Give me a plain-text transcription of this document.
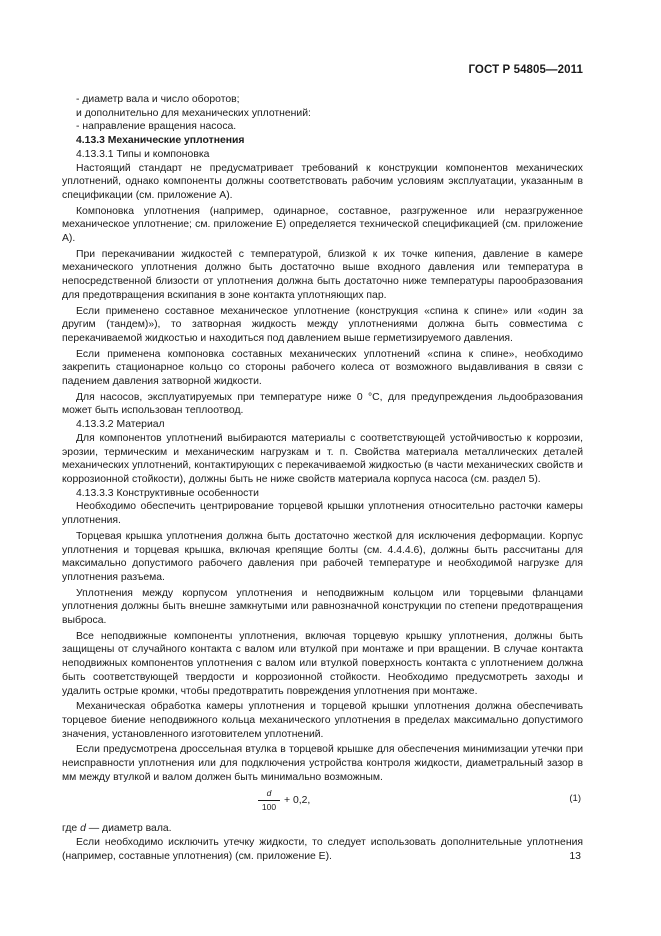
ГОСТ Р 54805—2011

- диаметр вала и число оборотов;

и дополнительно для механических уплотнений:

- направление вращения насоса.

4.13.3 Механические уплотнения

4.13.3.1 Типы и компоновка

Настоящий стандарт не предусматривает требований к конструкции компонентов механических уплотнений, однако компоненты должны соответствовать рабочим условиям эксплуатации, указанным в спецификации (см. приложение А).

Компоновка уплотнения (например, одинарное, составное, разгруженное или неразгруженное механическое уплотнение; см. приложение Е) определяется технической спецификацией (см. приложение А).

При перекачивании жидкостей с температурой, близкой к их точке кипения, давление в камере механического уплотнения должно быть достаточно выше входного давления или температура в непосредственной близости от уплотнения должна быть достаточно ниже температуры парообразования для предотвращения вскипания в зоне контакта уплотняющих пар.

Если применено составное механическое уплотнение (конструкция «спина к спине» или «один за другим (тандем)»), то затворная жидкость между уплотнениями должна быть совместима с перекачиваемой жидкостью и находиться под давлением выше герметизируемого давления.

Если применена компоновка составных механических уплотнений «спина к спине», необходимо закрепить стационарное кольцо со стороны рабочего колеса от возможного выдавливания в связи с падением давления затворной жидкости.

Для насосов, эксплуатируемых при температуре ниже 0 °С, для предупреждения льдообразования может быть использован теплоотвод.

4.13.3.2 Материал

Для компонентов уплотнений выбираются материалы с соответствующей устойчивостью к коррозии, эрозии, термическим и механическим нагрузкам и т. п. Свойства материала металлических деталей механических уплотнений, контактирующих с перекачиваемой жидкостью (в части механических свойств и коррозионной стойкости), должны быть не ниже свойств материала корпуса насоса (см. раздел 5).

4.13.3.3 Конструктивные особенности

Необходимо обеспечить центрирование торцевой крышки уплотнения относительно расточки камеры уплотнения.

Торцевая крышка уплотнения должна быть достаточно жесткой для исключения деформации. Корпус уплотнения и торцевая крышка, включая крепящие болты (см. 4.4.4.6), должны быть рассчитаны для максимально допустимого рабочего давления при рабочей температуре и необходимой нагрузке для уплотнения разъема.

Уплотнения между корпусом уплотнения и неподвижным кольцом или торцевыми фланцами уплотнения должны быть внешне замкнутыми или равнозначной конструкции по степени предотвращения выброса.

Все неподвижные компоненты уплотнения, включая торцевую крышку уплотнения, должны быть защищены от случайного контакта с валом или втулкой при монтаже и при вращении. В случае контакта неподвижных компонентов уплотнения с валом или втулкой поверхность контакта с уплотнением должна быть соответствующей твердости и коррозионной стойкости. Необходимо предусмотреть заходы и удалить острые кромки, чтобы предотвратить повреждения уплотнения при монтаже.

Механическая обработка камеры уплотнения и торцевой крышки уплотнения должна обеспечивать торцевое биение неподвижного кольца механического уплотнения в пределах максимально допустимого значения, установленного изготовителем уплотнений.

Если предусмотрена дроссельная втулка в торцевой крышке для обеспечения минимизации утечки при неисправности уплотнения или для подключения устройства контроля жидкости, диаметральный зазор в мм между втулкой и валом должен быть минимально возможным.

$\frac{d}{100} + 0,2$,	(1)

где d — диаметр вала.

Если необходимо исключить утечку жидкости, то следует использовать дополнительные уплотнения (например, составные уплотнения) (см. приложение Е).	13
